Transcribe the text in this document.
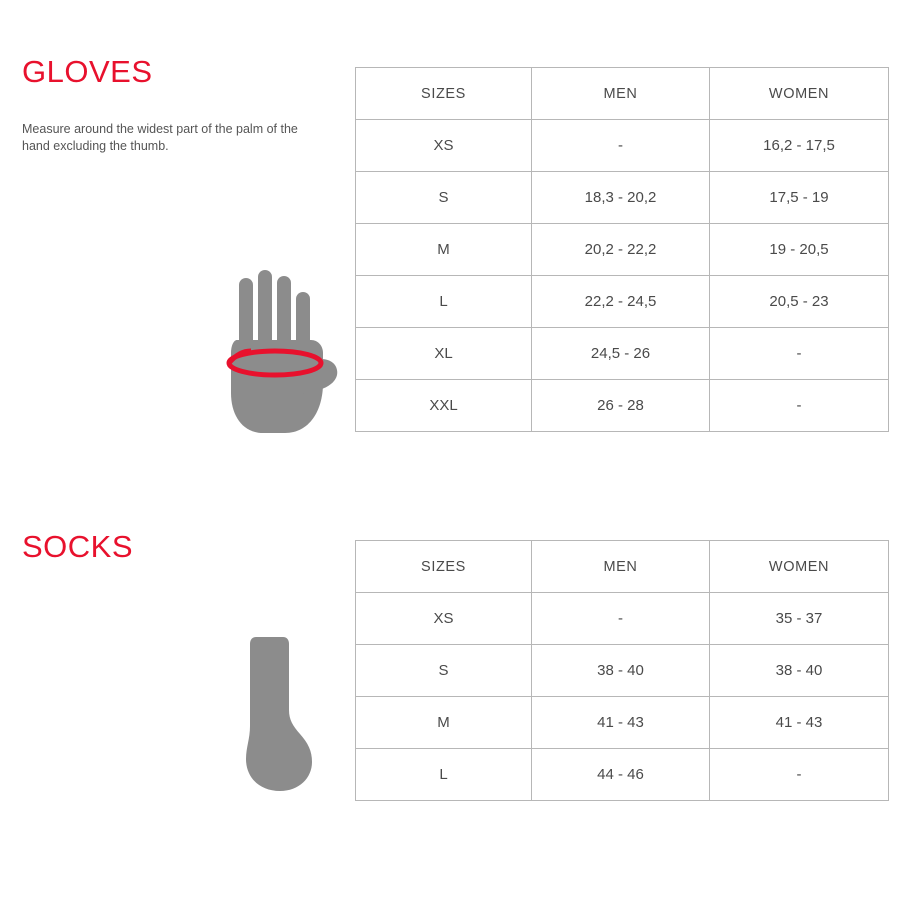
GLOVES

Measure around the widest part of the palm of the hand excluding the thumb.

SIZES	MEN	WOMEN
XS	-	16,2 - 17,5
S	18,3 - 20,2	17,5 - 19
M	20,2 - 22,2	19 - 20,5
L	22,2 - 24,5	20,5 - 23
XL	24,5 - 26	-
XXL	26 - 28	-
SOCKS

SIZES	MEN	WOMEN
XS	-	35 - 37
S	38 - 40	38 - 40
M	41 - 43	41 - 43
L	44 - 46	-
